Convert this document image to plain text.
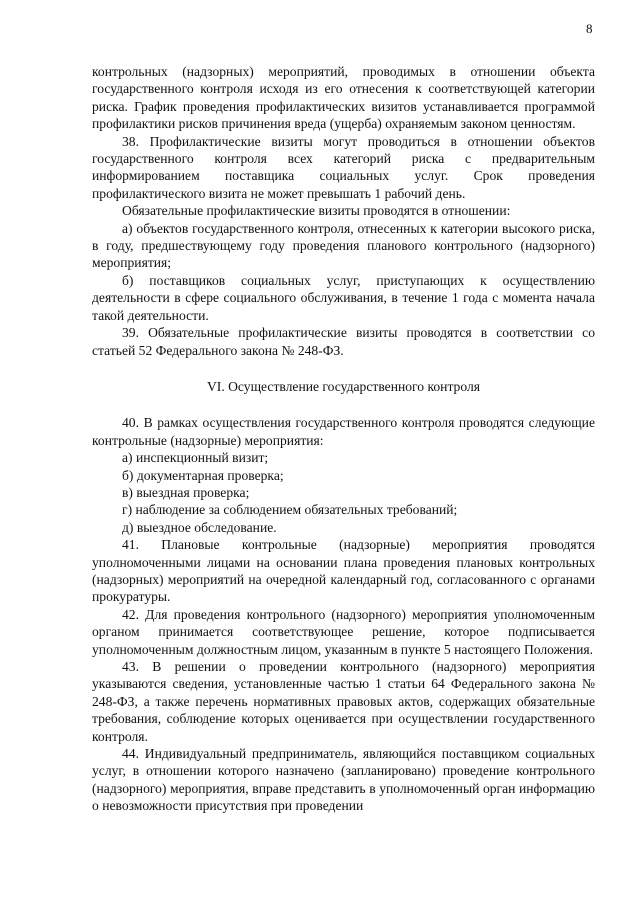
8

контрольных (надзорных) мероприятий, проводимых в отношении объекта государственного контроля исходя из его отнесения к соответствующей категории риска. График проведения профилактических визитов устанавливается программой профилактики рисков причинения вреда (ущерба) охраняемым законом ценностям.

38. Профилактические визиты могут проводиться в отношении объектов государственного контроля всех категорий риска с предварительным информированием поставщика социальных услуг. Срок проведения профилактического визита не может превышать 1 рабочий день.

Обязательные профилактические визиты проводятся в отношении:

а) объектов государственного контроля, отнесенных к категории высокого риска, в году, предшествующему году проведения планового контрольного (надзорного) мероприятия;

б) поставщиков социальных услуг, приступающих к осуществлению деятельности в сфере социального обслуживания, в течение 1 года с момента начала такой деятельности.

39. Обязательные профилактические визиты проводятся в соответствии со статьей 52 Федерального закона № 248-ФЗ.

VI. Осуществление государственного контроля

40. В рамках осуществления государственного контроля проводятся следующие контрольные (надзорные) мероприятия:

а) инспекционный визит;

б) документарная проверка;

в) выездная проверка;

г) наблюдение за соблюдением обязательных требований;

д) выездное обследование.

41. Плановые контрольные (надзорные) мероприятия проводятся уполномоченными лицами на основании плана проведения плановых контрольных (надзорных) мероприятий на очередной календарный год, согласованного с органами прокуратуры.

42. Для проведения контрольного (надзорного) мероприятия уполномоченным органом принимается соответствующее решение, которое подписывается уполномоченным должностным лицом, указанным в пункте 5 настоящего Положения.

43. В решении о проведении контрольного (надзорного) мероприятия указываются сведения, установленные частью 1 статьи 64 Федерального закона № 248-ФЗ, а также перечень нормативных правовых актов, содержащих обязательные требования, соблюдение которых оценивается при осуществлении государственного контроля.

44. Индивидуальный предприниматель, являющийся поставщиком социальных услуг, в отношении которого назначено (запланировано) проведение контрольного (надзорного) мероприятия, вправе представить в уполномоченный орган информацию о невозможности присутствия при проведении
